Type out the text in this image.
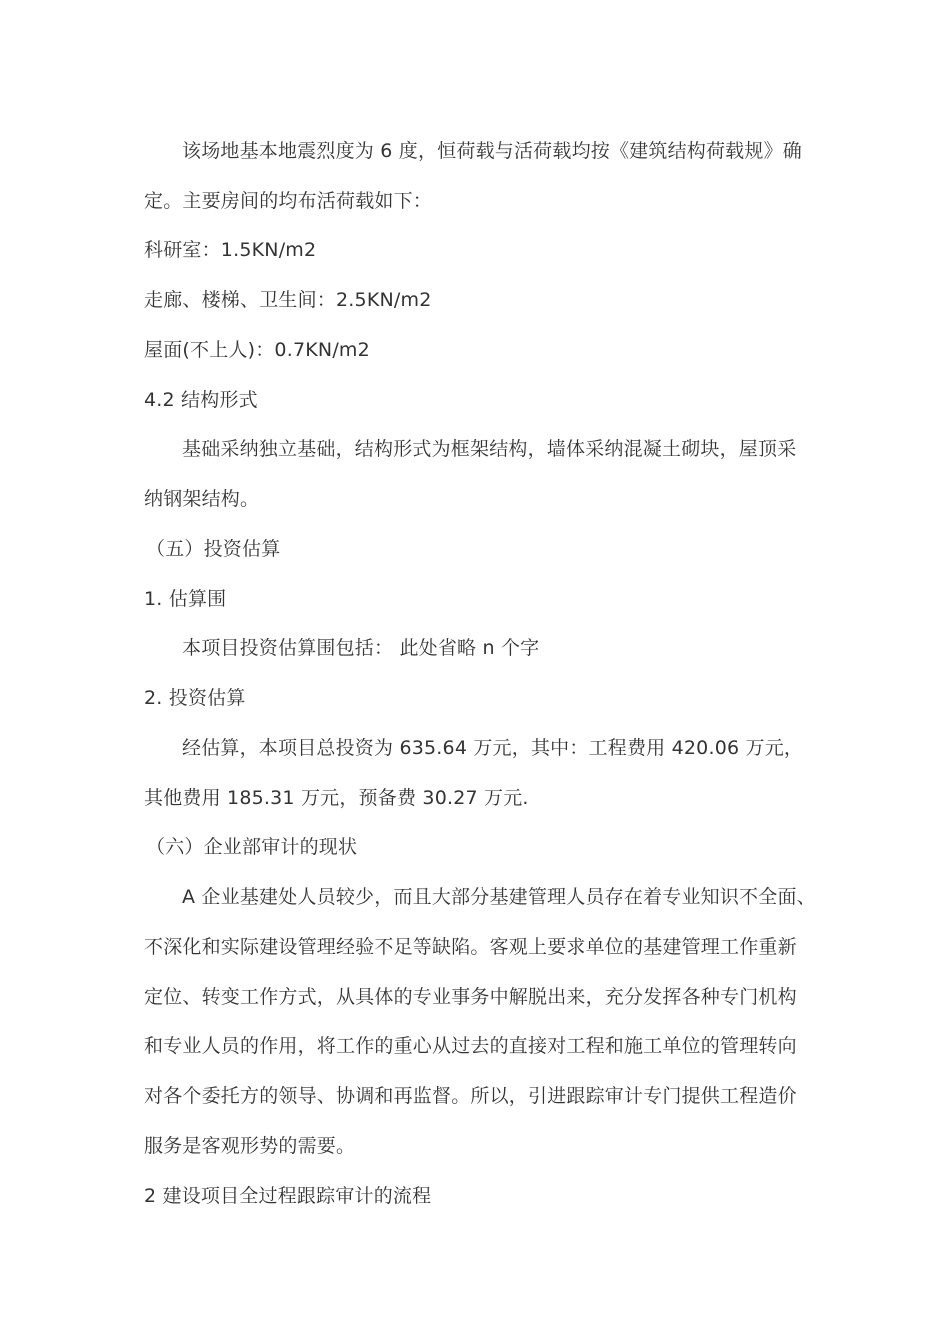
该场地基本地震烈度为 6 度，恒荷载与活荷载均按《建筑结构荷载规》确
定。主要房间的均布活荷载如下：
科研室：1.5KN/m2
走廊、楼梯、卫生间：2.5KN/m2
屋面(不上人)：0.7KN/m2
4.2 结构形式
基础采纳独立基础，结构形式为框架结构，墙体采纳混凝土砌块，屋顶采
纳钢架结构。
（五）投资估算
1. 估算围
本项目投资估算围包括： 此处省略 n 个字
2. 投资估算
经估算，本项目总投资为 635.64 万元，其中：工程费用 420.06 万元，
其他费用 185.31 万元，预备费 30.27 万元.
（六）企业部审计的现状
A 企业基建处人员较少，而且大部分基建管理人员存在着专业知识不全面、
不深化和实际建设管理经验不足等缺陷。客观上要求单位的基建管理工作重新
定位、转变工作方式，从具体的专业事务中解脱出来，充分发挥各种专门机构
和专业人员的作用，将工作的重心从过去的直接对工程和施工单位的管理转向
对各个委托方的领导、协调和再监督。所以，引进跟踪审计专门提供工程造价
服务是客观形势的需要。
2 建设项目全过程跟踪审计的流程
